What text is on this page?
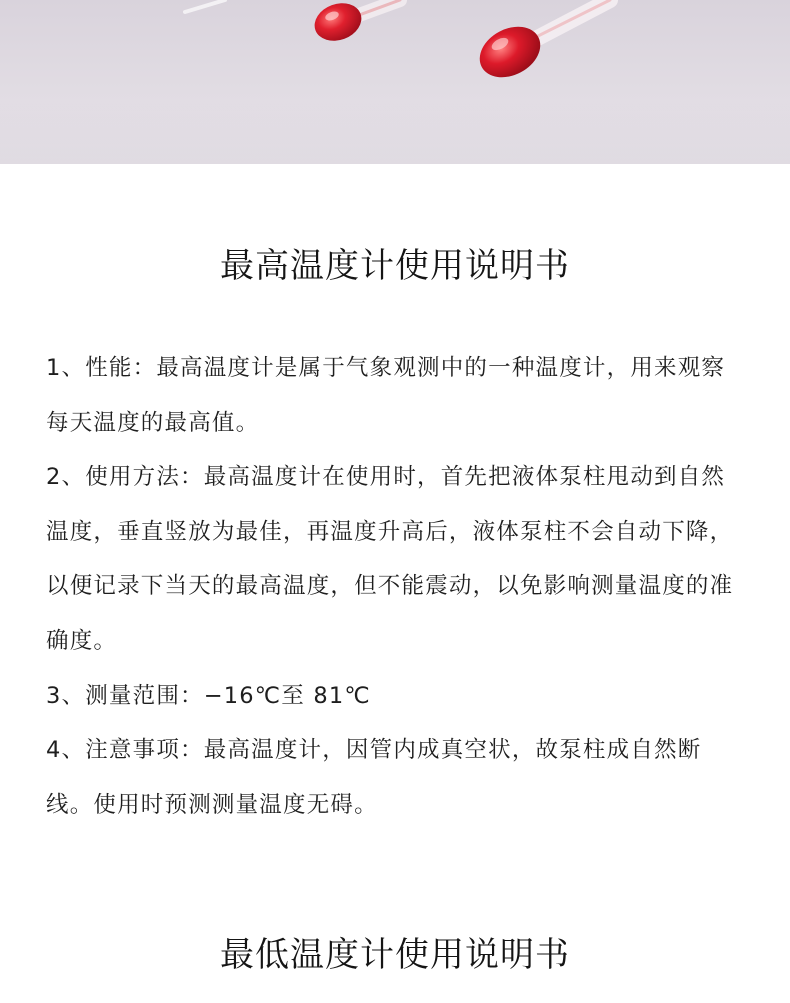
最高温度计使用说明书

1、性能：最高温度计是属于气象观测中的一种温度计，用来观察每天温度的最高值。

2、使用方法：最高温度计在使用时，首先把液体泵柱甩动到自然温度，垂直竖放为最佳，再温度升高后，液体泵柱不会自动下降，以便记录下当天的最高温度，但不能震动，以免影响测量温度的准确度。

3、测量范围：−16℃至 81℃

4、注意事项：最高温度计，因管内成真空状，故泵柱成自然断线。使用时预测测量温度无碍。

最低温度计使用说明书
